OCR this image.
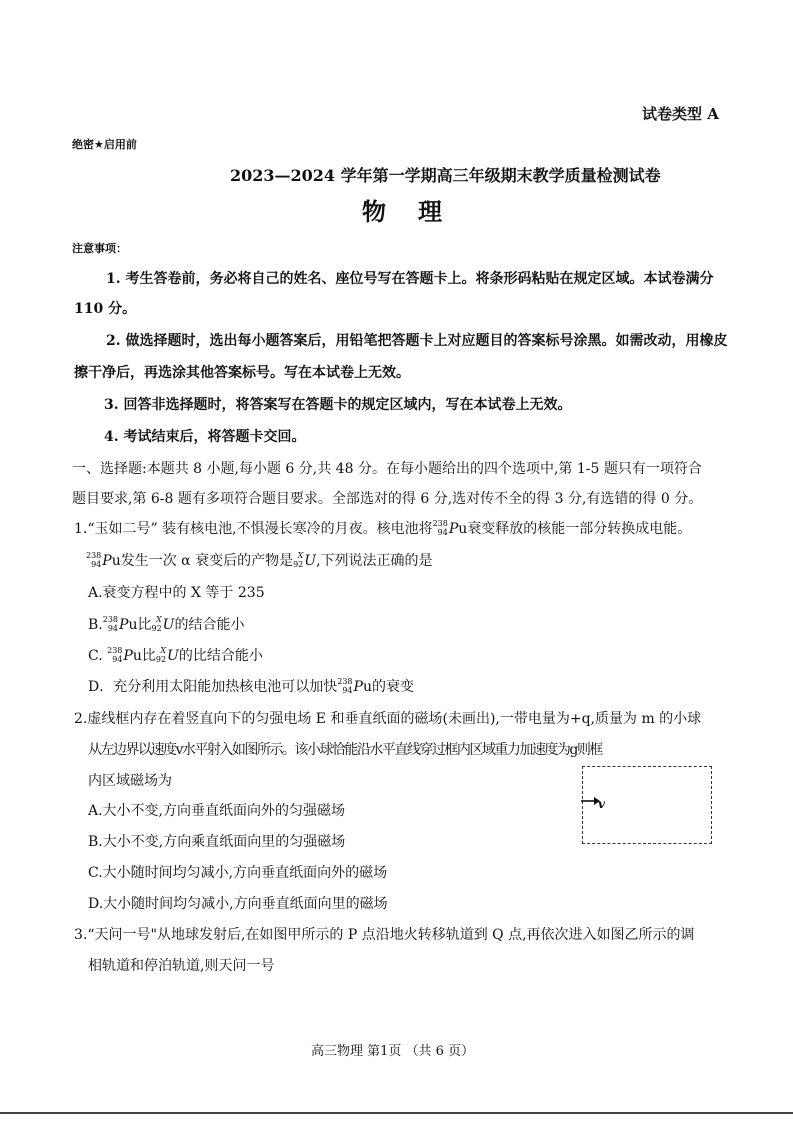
试卷类型 A
绝密★启用前
2023—2024 学年第一学期高三年级期末教学质量检测试卷
物　理
注意事项：
1. 考生答卷前，务必将自己的姓名、座位号写在答题卡上。将条形码粘贴在规定区域。本试卷满分
110 分。
2. 做选择题时，选出每小题答案后，用铅笔把答题卡上对应题目的答案标号涂黑。如需改动，用橡皮
擦干净后，再选涂其他答案标号。写在本试卷上无效。
3. 回答非选择题时，将答案写在答题卡的规定区域内，写在本试卷上无效。
4. 考试结束后，将答题卡交回。
一、选择题:本题共 8 小题,每小题 6 分,共 48 分。在每小题给出的四个选项中,第 1-5 题只有一项符合
题目要求,第 6-8 题有多项符合题目要求。全部选对的得 6 分,选对传不全的得 3 分,有选错的得 0 分。
1.“玉如二号” 装有核电池,不惧漫长寒冷的月夜。核电池将 238
94 Pu衰变释放的核能一部分转换成电能。
238
94 Pu发生一次 α 衰变后的产物是 X
92 U,下列说法正确的是
A.衰变方程中的 X 等于 235
B. 238
94 Pu比 X
92 U的结合能小
C. 238
94 Pu比 X
92 U的比结合能小
D．充分利用太阳能加热核电池可以加快 238
94 Pu的衰变
2.虚线框内存在着竖直向下的匀强电场 E 和垂直纸面的磁场(未画出),一带电量为+q,质量为 m 的小球
从左边界以速度v水平射入如图所示。该小球恰能沿水平直线穿过框内区域重力加速度为g则框
内区域磁场为
A.大小不变,方向垂直纸面向外的匀强磁场
B.大小不变,方向乘直纸面向里的匀强磁场
C.大小随时间均匀减小,方向垂直纸面向外的磁场
D.大小随时间均匀减小,方向垂直纸面向里的磁场
v
3.“天问一号"从地球发射后,在如图甲所示的 P 点沿地火转移轨道到 Q 点,再依次进入如图乙所示的调
相轨道和停泊轨道,则天问一号
高三物理 第1页 （共 6 页）
